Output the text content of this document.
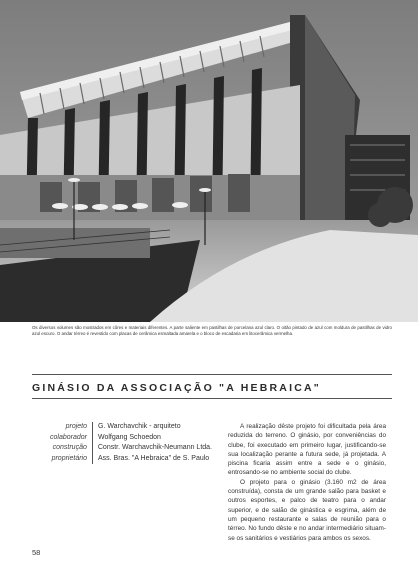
Os diversos volumes são mostrados em côres e materiais diferentes. A parte saliente em pastilhas de porcelana azul claro. O oitão pintado de azul com moldura de pastilhas de vidro azul escuro. O andar térreo é revestido com placas de cerâmica esmaltada amarela e o bloco de escadaria em litocerâmica vermelha.
GINÁSIO DA ASSOCIAÇÃO "A HEBRAICA"
projeto	G. Warchavchik - arquiteto
colaborador	Wolfgang Schoedon
construção	Constr. Warchavchik-Neumann Ltda.
proprietário	Ass. Bras. "A Hebraica" de S. Paulo

A realização dêste projeto foi dificultada pela área reduzida do terreno. O ginásio, por conveniências do clube, foi executado em primeiro lugar, justificando-se sua localização perante a futura sede, já projetada. A piscina ficaria assim entre a sede e o ginásio, entrosando-se no ambiente social do clube.

O projeto para o ginásio (3.160 m2 de área construída), consta de um grande salão para basket e outros esportes, e palco de teatro para o andar superior, e de salão de ginástica e esgrima, além de um pequeno restaurante e salas de reunião para o térreo. No fundo dêste e no andar intermediário situam-se os sanitários e vestiários para ambos os sexos.

58
